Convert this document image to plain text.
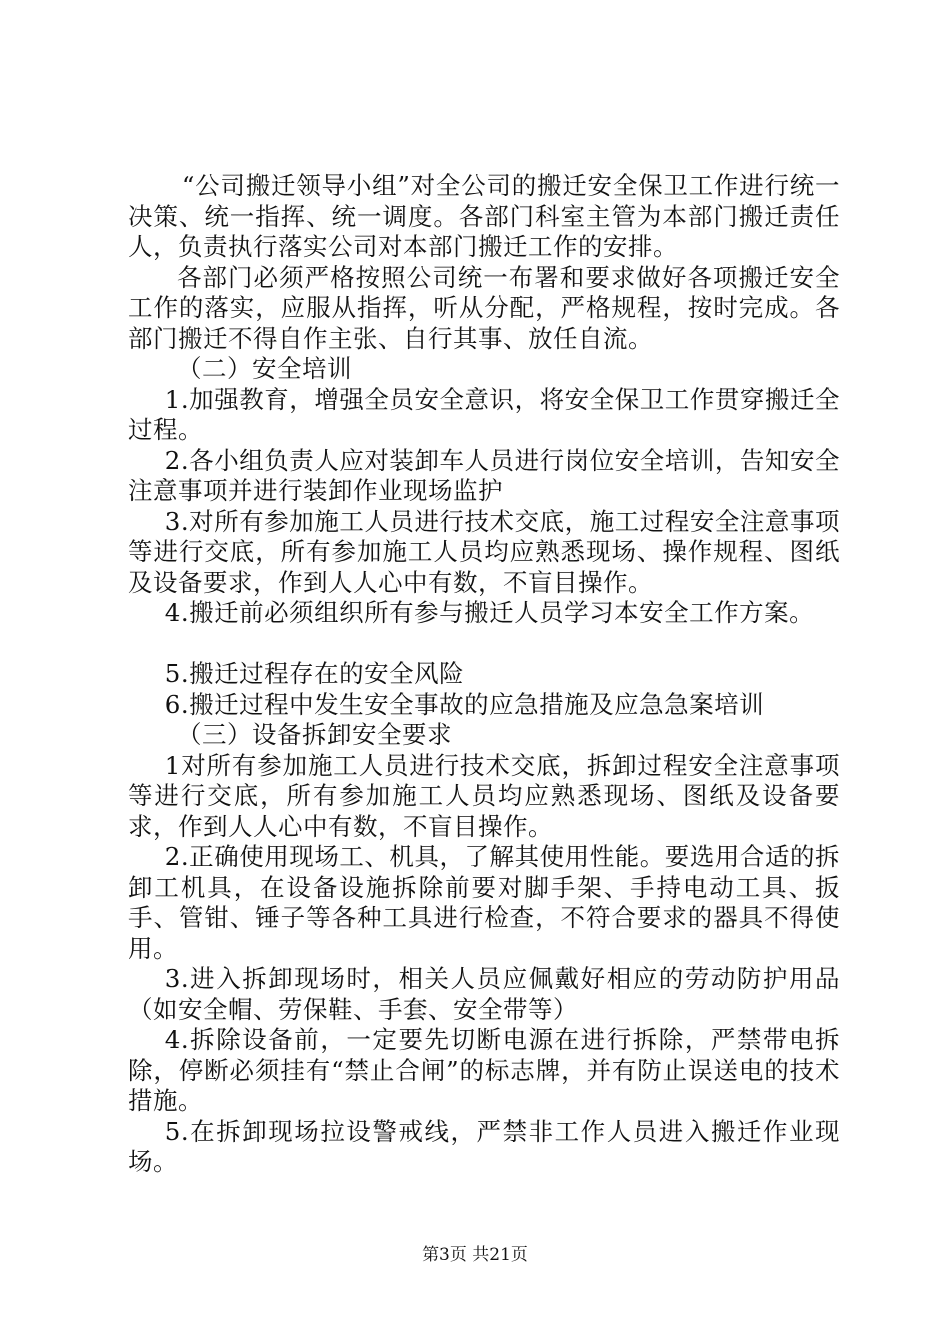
“公司搬迁领导小组”对全公司的搬迁安全保卫工作进行统一决策、统一指挥、统一调度。各部门科室主管为本部门搬迁责任人，负责执行落实公司对本部门搬迁工作的安排。

各部门必须严格按照公司统一布署和要求做好各项搬迁安全工作的落实，应服从指挥，听从分配，严格规程，按时完成。各部门搬迁不得自作主张、自行其事、放任自流。

（二）安全培训

1.加强教育，增强全员安全意识，将安全保卫工作贯穿搬迁全过程。

2.各小组负责人应对装卸车人员进行岗位安全培训，告知安全注意事项并进行装卸作业现场监护

3.对所有参加施工人员进行技术交底，施工过程安全注意事项等进行交底，所有参加施工人员均应熟悉现场、操作规程、图纸及设备要求，作到人人心中有数，不盲目操作。

4.搬迁前必须组织所有参与搬迁人员学习本安全工作方案。

5.搬迁过程存在的安全风险

6.搬迁过程中发生安全事故的应急措施及应急急案培训

（三）设备拆卸安全要求

1对所有参加施工人员进行技术交底，拆卸过程安全注意事项等进行交底，所有参加施工人员均应熟悉现场、图纸及设备要求，作到人人心中有数，不盲目操作。

2.正确使用现场工、机具，了解其使用性能。要选用合适的拆卸工机具，在设备设施拆除前要对脚手架、手持电动工具、扳手、管钳、锤子等各种工具进行检查，不符合要求的器具不得使用。

3.进入拆卸现场时，相关人员应佩戴好相应的劳动防护用品（如安全帽、劳保鞋、手套、安全带等）

4.拆除设备前，一定要先切断电源在进行拆除，严禁带电拆除，停断必须挂有“禁止合闸”的标志牌，并有防止误送电的技术措施。

5.在拆卸现场拉设警戒线，严禁非工作人员进入搬迁作业现场。

第3页 共21页
